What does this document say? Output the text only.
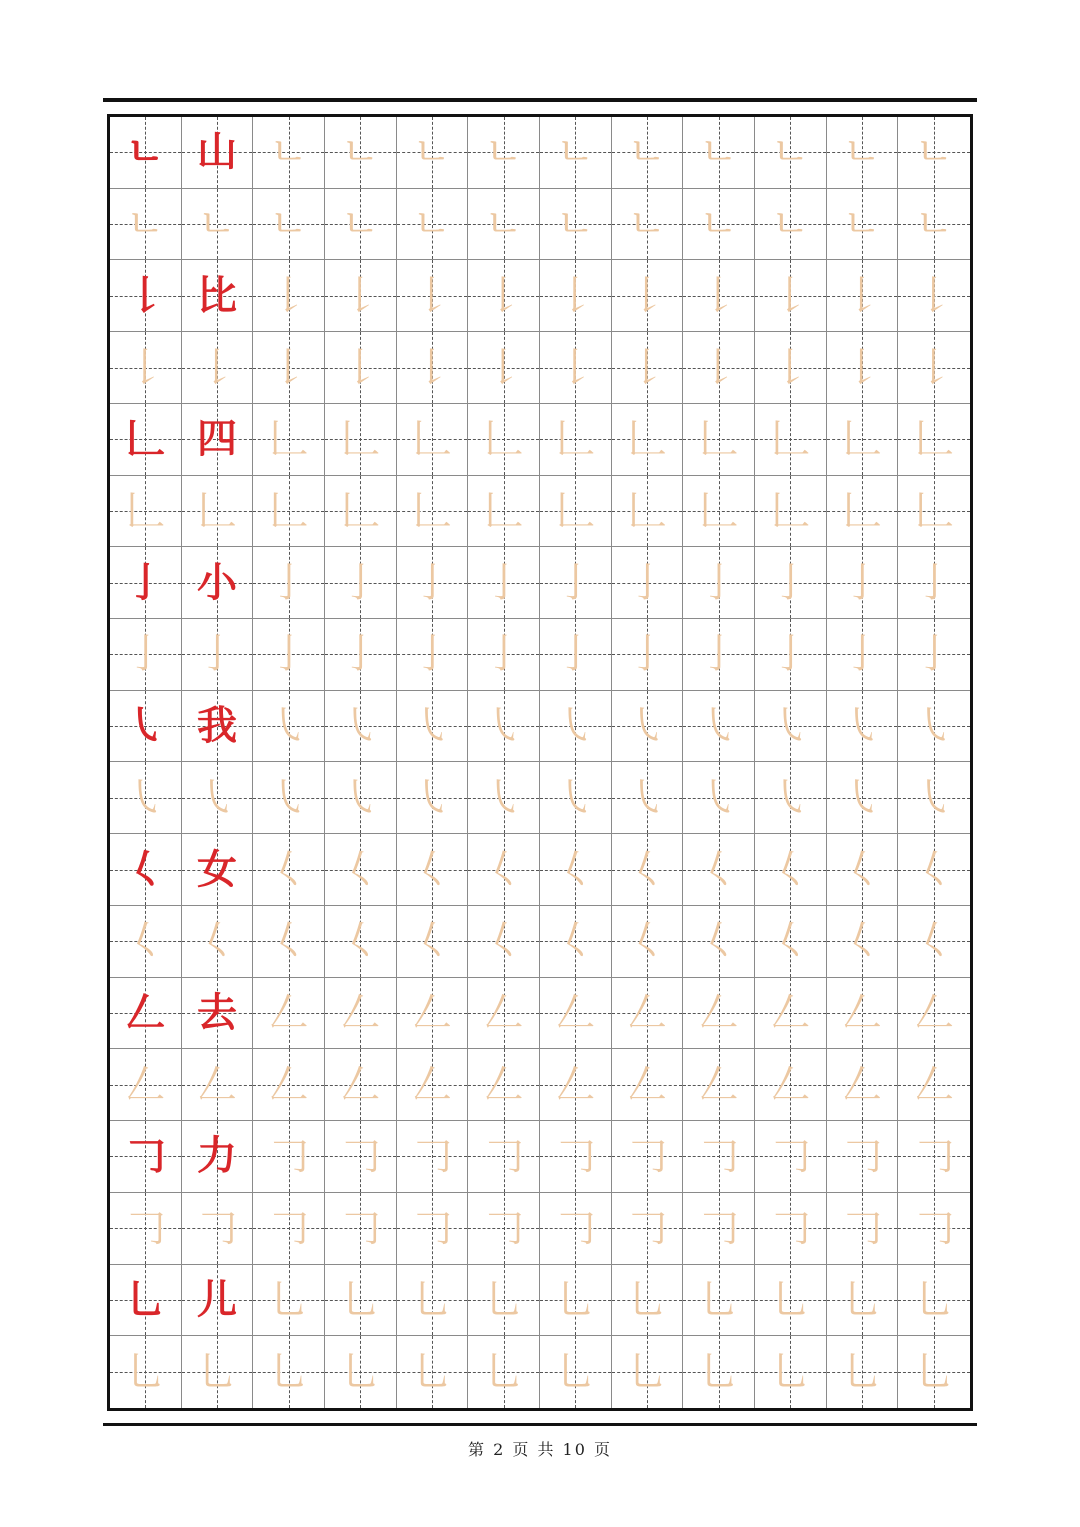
ㄴ 山 ㄴ ㄴ ㄴ ㄴ ㄴ ㄴ ㄴ ㄴ ㄴ ㄴ
ㄴ ㄴ ㄴ ㄴ ㄴ ㄴ ㄴ ㄴ ㄴ ㄴ ㄴ ㄴ
𠄌 比 𠄌 𠄌 𠄌 𠄌 𠄌 𠄌 𠄌 𠄌 𠄌 𠄌
𠄌 𠄌 𠄌 𠄌 𠄌 𠄌 𠄌 𠄌 𠄌 𠄌 𠄌 𠄌
𠃊 四 𠃊 𠃊 𠃊 𠃊 𠃊 𠃊 𠃊 𠃊 𠃊 𠃊
𠃊 𠃊 𠃊 𠃊 𠃊 𠃊 𠃊 𠃊 𠃊 𠃊 𠃊 𠃊
亅 小 亅 亅 亅 亅 亅 亅 亅 亅 亅 亅
亅 亅 亅 亅 亅 亅 亅 亅 亅 亅 亅 亅
㇂ 我 ㇂ ㇂ ㇂ ㇂ ㇂ ㇂ ㇂ ㇂ ㇂ ㇂
㇂ ㇂ ㇂ ㇂ ㇂ ㇂ ㇂ ㇂ ㇂ ㇂ ㇂ ㇂
𡿨 女 𡿨 𡿨 𡿨 𡿨 𡿨 𡿨 𡿨 𡿨 𡿨 𡿨
𡿨 𡿨 𡿨 𡿨 𡿨 𡿨 𡿨 𡿨 𡿨 𡿨 𡿨 𡿨
𠃋 去 𠃋 𠃋 𠃋 𠃋 𠃋 𠃋 𠃋 𠃋 𠃋 𠃋
𠃋 𠃋 𠃋 𠃋 𠃋 𠃋 𠃋 𠃋 𠃋 𠃋 𠃋 𠃋
𠃌 力 𠃌 𠃌 𠃌 𠃌 𠃌 𠃌 𠃌 𠃌 𠃌 𠃌
𠃌 𠃌 𠃌 𠃌 𠃌 𠃌 𠃌 𠃌 𠃌 𠃌 𠃌 𠃌
乚 儿 乚 乚 乚 乚 乚 乚 乚 乚 乚 乚
乚 乚 乚 乚 乚 乚 乚 乚 乚 乚 乚 乚
第 2 页 共 10 页
